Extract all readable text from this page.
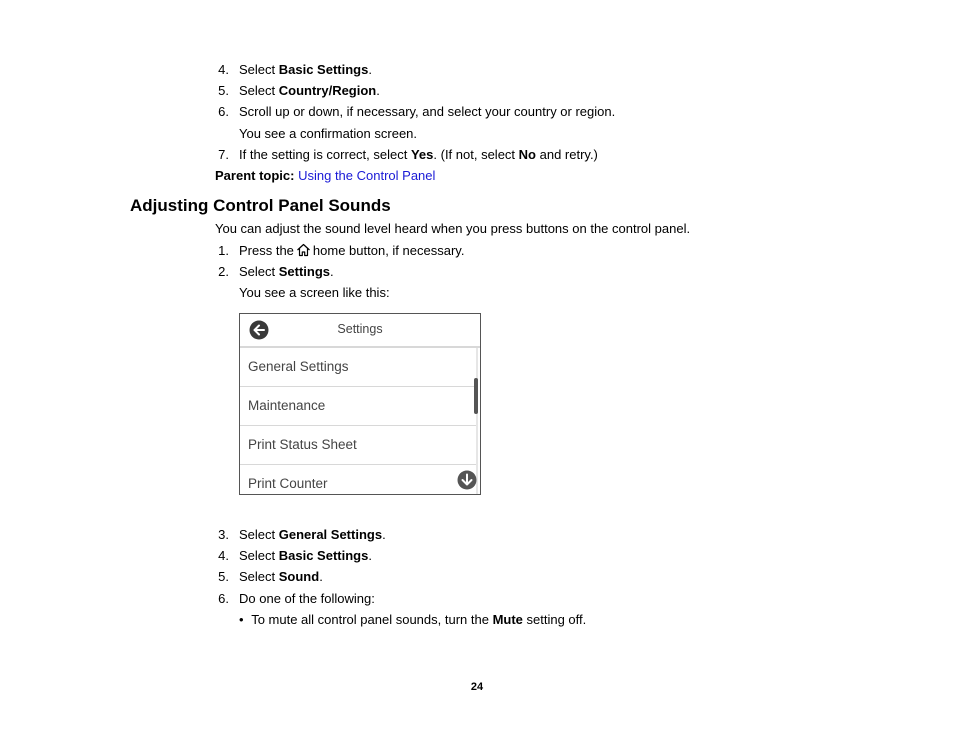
4. Select Basic Settings.
5. Select Country/Region.
6. Scroll up or down, if necessary, and select your country or region.
You see a confirmation screen.
7. If the setting is correct, select Yes. (If not, select No and retry.)
Parent topic: Using the Control Panel
Adjusting Control Panel Sounds
You can adjust the sound level heard when you press buttons on the control panel.
1. Press the home button, if necessary.
2. Select Settings.
You see a screen like this:
Settings
General Settings
Maintenance
Print Status Sheet
Print Counter
3. Select General Settings.
4. Select Basic Settings.
5. Select Sound.
6. Do one of the following:
• To mute all control panel sounds, turn the Mute setting off.
24
